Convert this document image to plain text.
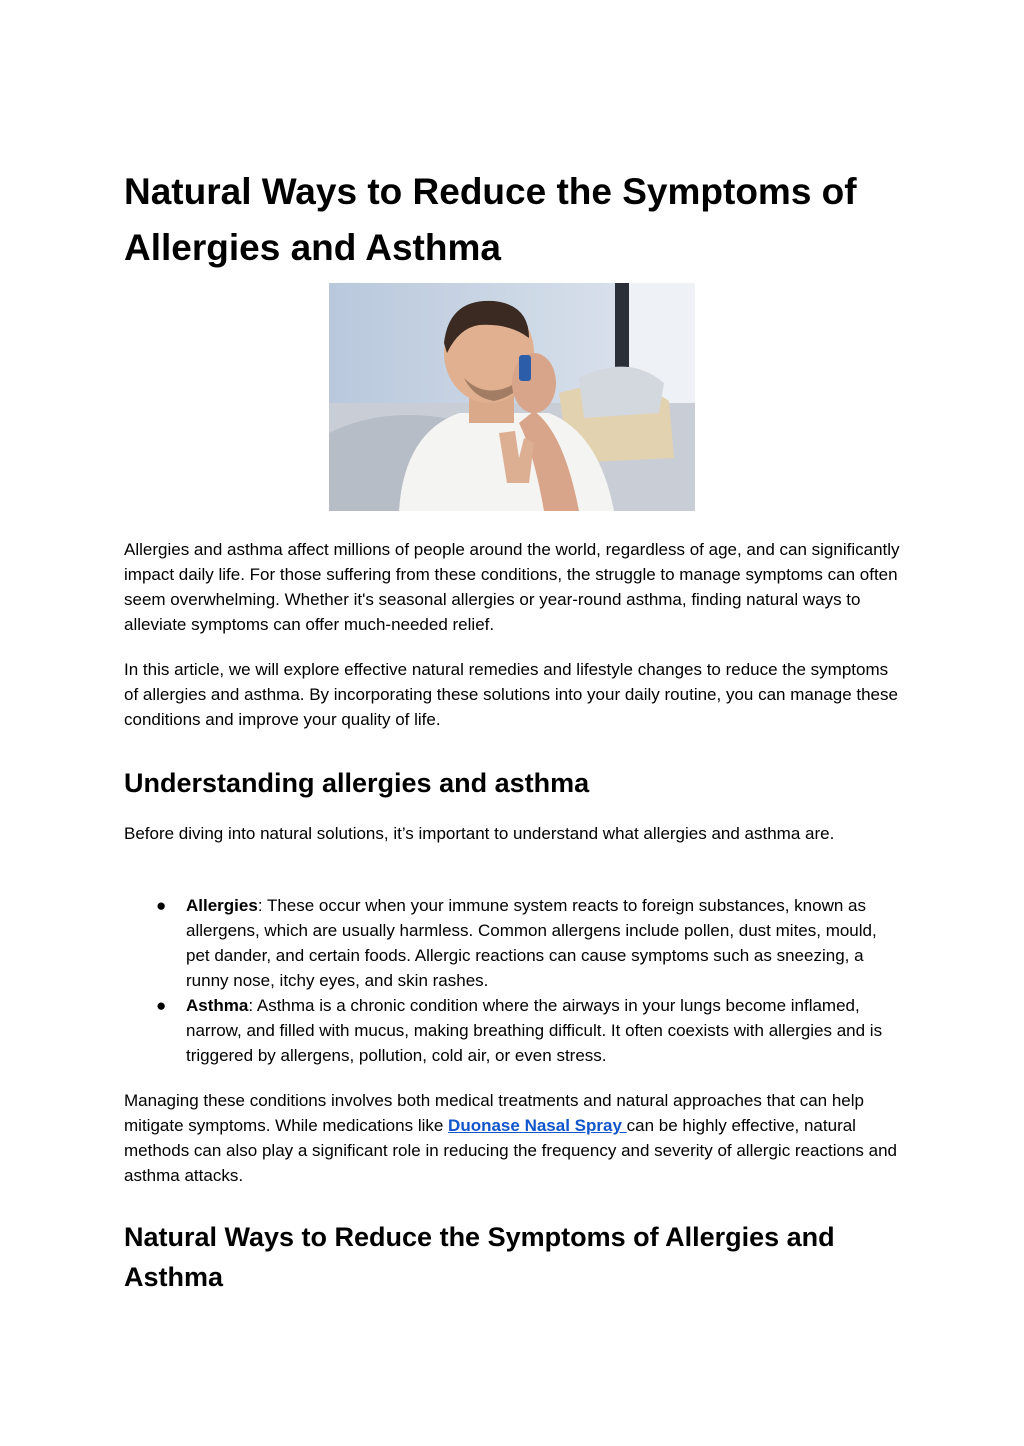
Natural Ways to Reduce the Symptoms of Allergies and Asthma

Allergies and asthma affect millions of people around the world, regardless of age, and can significantly impact daily life. For those suffering from these conditions, the struggle to manage symptoms can often seem overwhelming. Whether it's seasonal allergies or year-round asthma, finding natural ways to alleviate symptoms can offer much-needed relief.

In this article, we will explore effective natural remedies and lifestyle changes to reduce the symptoms of allergies and asthma. By incorporating these solutions into your daily routine, you can manage these conditions and improve your quality of life.

Understanding allergies and asthma

Before diving into natural solutions, it’s important to understand what allergies and asthma are.

● Allergies: These occur when your immune system reacts to foreign substances, known as allergens, which are usually harmless. Common allergens include pollen, dust mites, mould, pet dander, and certain foods. Allergic reactions can cause symptoms such as sneezing, a runny nose, itchy eyes, and skin rashes.
● Asthma: Asthma is a chronic condition where the airways in your lungs become inflamed, narrow, and filled with mucus, making breathing difficult. It often coexists with allergies and is triggered by allergens, pollution, cold air, or even stress.

Managing these conditions involves both medical treatments and natural approaches that can help mitigate symptoms. While medications like Duonase Nasal Spray can be highly effective, natural methods can also play a significant role in reducing the frequency and severity of allergic reactions and asthma attacks.

Natural Ways to Reduce the Symptoms of Allergies and Asthma
